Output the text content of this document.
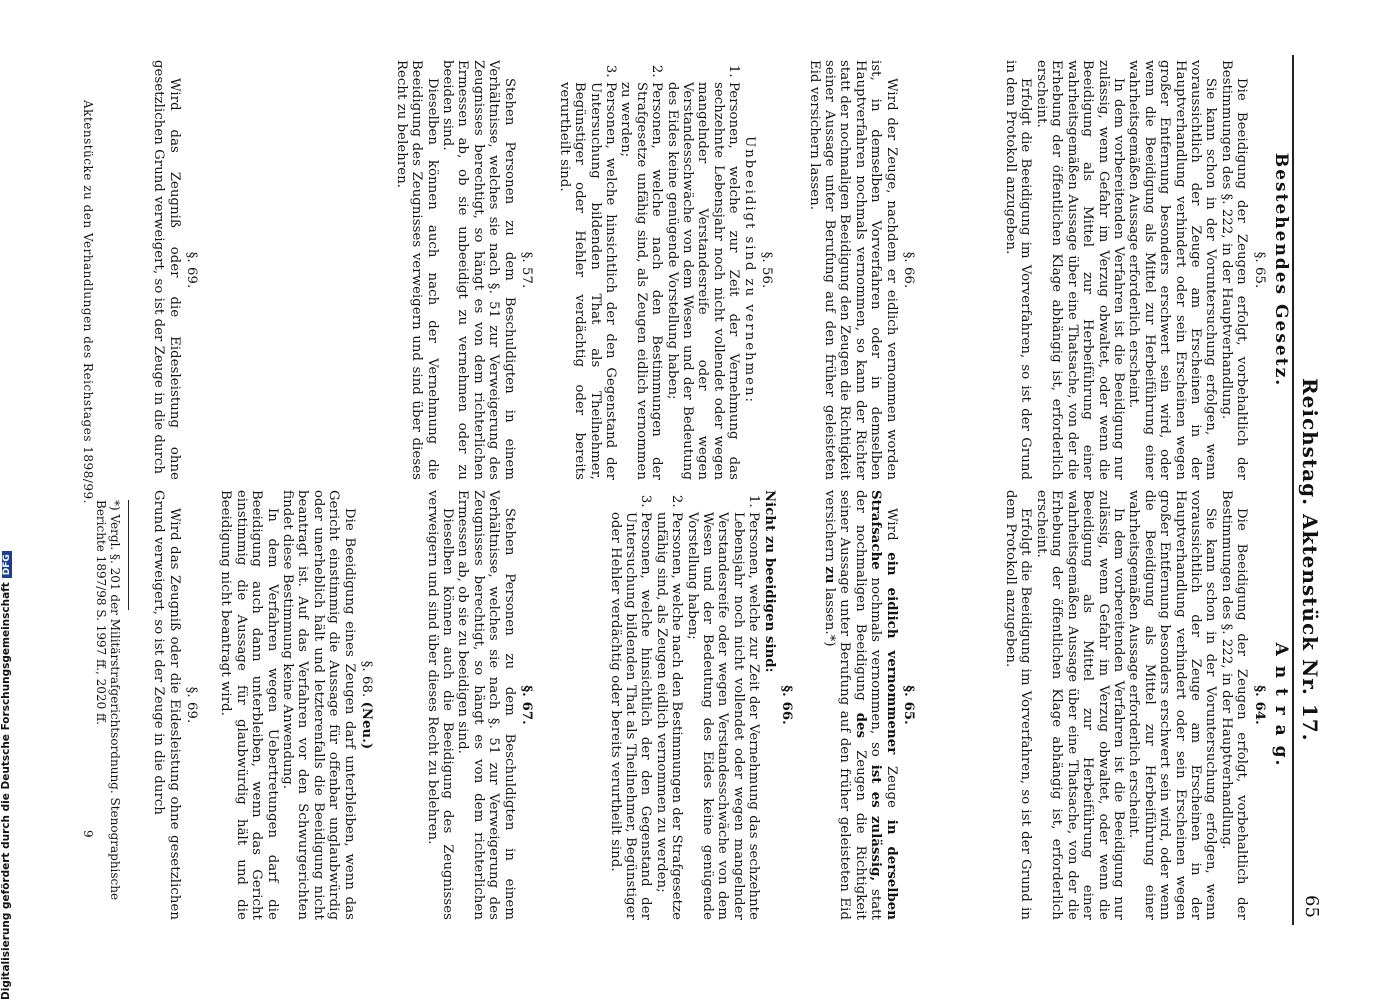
Reichstag. Aktenstück Nr. 17.
65
Bestehendes Gesetz.
§. 65.

Die Beeidigung der Zeugen erfolgt, vorbehaltlich der Bestimmungen des §. 222, in der Hauptverhandlung.

Sie kann schon in der Voruntersuchung erfolgen, wenn voraussichtlich der Zeuge am Erscheinen in der Hauptverhandlung verhindert oder sein Erscheinen wegen großer Entfernung besonders erschwert sein wird, oder wenn die Beeidigung als Mittel zur Herbeiführung einer wahrheitsgemäßen Aussage erforderlich erscheint.

In dem vorbereitenden Verfahren ist die Beeidigung nur zulässig, wenn Gefahr im Verzug obwaltet, oder wenn die Beeidigung als Mittel zur Herbeiführung einer wahrheitsgemäßen Aussage über eine Thatsache, von der die Erhebung der öffentlichen Klage abhängig ist, erforderlich erscheint.

Erfolgt die Beeidigung im Vorverfahren, so ist der Grund in dem Protokoll anzugeben.

§. 66.

Wird der Zeuge, nachdem er eidlich vernommen worden ist, in demselben Vorverfahren oder in demselben Hauptverfahren nochmals vernommen, so kann der Richter statt der nochmaligen Beeidigung den Zeugen die Richtigkeit seiner Aussage unter Berufung auf den früher geleisteten Eid versichern lassen.

§. 56.

Unbeeidigt sind zu vernehmen:

1. Personen, welche zur Zeit der Vernehmung das sechzehnte Lebensjahr noch nicht vollendet oder wegen mangelnder Verstandesreife oder wegen Verstandesschwäche von dem Wesen und der Bedeutung des Eides keine genügende Vorstellung haben;
2. Personen, welche nach den Bestimmungen der Strafgesetze unfähig sind, als Zeugen eidlich vernommen zu werden;
3. Personen, welche hinsichtlich der den Gegenstand der Untersuchung bildenden That als Theilnehmer, Begünstiger oder Hehler verdächtig oder bereits verurtheilt sind.
§. 57.

Stehen Personen zu dem Beschuldigten in einem Verhältnisse, welches sie nach §. 51 zur Verweigerung des Zeugnisses berechtigt, so hängt es von dem richterlichen Ermessen ab, ob sie unbeeidigt zu vernehmen oder zu beeiden sind.

Dieselben können auch nach der Vernehmung die Beeidigung des Zeugnisses verweigern und sind über dieses Recht zu belehren.

§. 69.

Wird das Zeugniß oder die Eidesleistung ohne gesetzlichen Grund verweigert, so ist der Zeuge in die durch

A n t r a g.
§. 64.

Die Beeidigung der Zeugen erfolgt, vorbehaltlich der Bestimmungen des §. 222, in der Hauptverhandlung.

Sie kann schon in der Voruntersuchung erfolgen, wenn voraussichtlich der Zeuge am Erscheinen in der Hauptverhandlung verhindert oder sein Erscheinen wegen großer Entfernung besonders erschwert sein wird, oder wenn die Beeidigung als Mittel zur Herbeiführung einer wahrheitsgemäßen Aussage erforderlich erscheint.

In dem vorbereitenden Verfahren ist die Beeidigung nur zulässig, wenn Gefahr im Verzug obwaltet, oder wenn die Beeidigung als Mittel zur Herbeiführung einer wahrheitsgemäßen Aussage über eine Thatsache, von der die Erhebung der öffentlichen Klage abhängig ist, erforderlich erscheint.

Erfolgt die Beeidigung im Vorverfahren, so ist der Grund in dem Protokoll anzugeben.

§. 65.

Wird ein eidlich vernommener Zeuge in derselben Strafsache nochmals vernommen, so ist es zulässig, statt der nochmaligen Beeidigung des Zeugen die Richtigkeit seiner Aussage unter Berufung auf den früher geleisteten Eid versichern zu lassen.*)

§. 66.

Nicht zu beeidigen sind:

1. Personen, welche zur Zeit der Vernehmung das sechzehnte Lebensjahr noch nicht vollendet oder wegen mangelnder Verstandesreife oder wegen Verstandesschwäche von dem Wesen und der Bedeutung des Eides keine genügende Vorstellung haben;
2. Personen, welche nach den Bestimmungen der Strafgesetze unfähig sind, als Zeugen eidlich vernommen zu werden;
3. Personen, welche hinsichtlich der den Gegenstand der Untersuchung bildenden That als Theilnehmer, Begünstiger oder Hehler verdächtig oder bereits verurtheilt sind.
§. 67.

Stehen Personen zu dem Beschuldigten in einem Verhältnisse, welches sie nach §. 51 zur Verweigerung des Zeugnisses berechtigt, so hängt es von dem richterlichen Ermessen ab, ob sie zu beeidigen sind.

Dieselben können auch die Beeidigung des Zeugnisses verweigern und sind über dieses Recht zu belehren.

§. 68. (Neu.)

Die Beeidigung eines Zeugen darf unterbleiben, wenn das Gericht einstimmig die Aussage für offenbar unglaubwürdig oder unerheblich hält und letzterenfalls die Beeidigung nicht beantragt ist. Auf das Verfahren vor den Schwurgerichten findet diese Bestimmung keine Anwendung.

In dem Verfahren wegen Uebertretungen darf die Beeidigung auch dann unterbleiben, wenn das Gericht einstimmig die Aussage für glaubwürdig hält und die Beeidigung nicht beantragt wird.

§. 69.

Wird das Zeugniß oder die Eidesleistung ohne gesetzlichen Grund verweigert, so ist der Zeuge in die durch

*) Vergl. §. 201 der Militärstrafgerichtsordnung. Stenographische Berichte 1897/98 S. 1997 ff., 2020 ff.
Aktenstücke zu den Verhandlungen des Reichstages 1898/99.
9
Digitalisierung gefördert durch die Deutsche ForschungsgemeinschaftDFG
